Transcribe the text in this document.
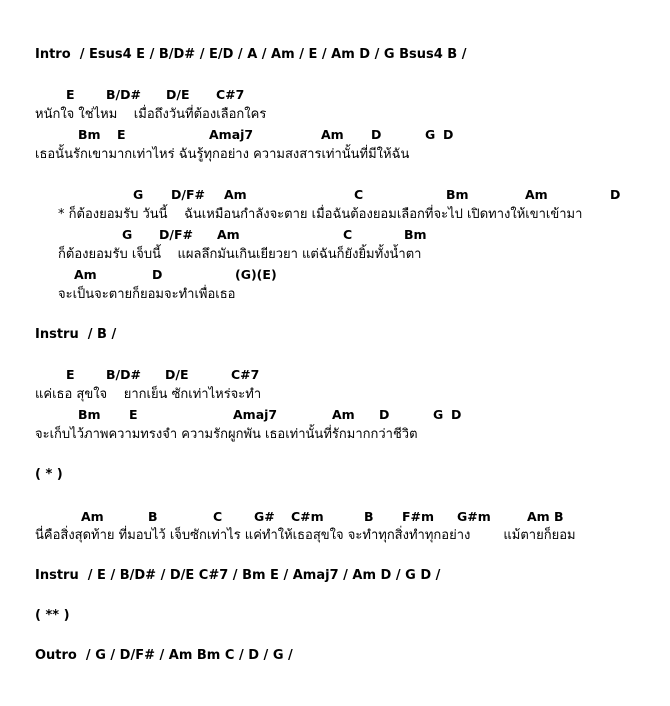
Intro  / Esus4 E / B/D# / E/D / A / Am / E / Am D / G Bsus4 B /

E

	B/D#

D/E

C#7

หนักใจ ใช่ไหม    เมื่อถึงวันที่ต้องเลือกใคร

Bm

E

	Amaj7

	Am

D

	G

D

เธอนั้นรักเขามากเท่าไหร่ ฉันรู้ทุกอย่าง ความสงสารเท่านั้นที่มีให้ฉัน

G

D/F#

Am

	C

	Bm

	Am

	D

* ก็ต้องยอมรับ วันนี้    ฉันเหมือนกำลังจะตาย เมื่อฉันต้องยอมเลือกที่จะไป เปิดทางให้เขาเข้ามา

G

D/F#

Am

	C

	Bm

ก็ต้องยอมรับ เจ็บนี้    แผลลึกมันเกินเยียวยา แต่ฉันก็ยังยิ้มทั้งน้ำตา

Am

	D

	(G)(E)

จะเป็นจะตายก็ยอมจะทำเพื่อเธอ
Instru  / B /

E

	B/D#

D/E

	C#7

แค่เธอ สุขใจ    ยากเย็น ซักเท่าไหร่จะทำ

Bm

E

	Amaj7

	Am

D

	G

D

จะเก็บไว้ภาพความทรงจำ ความรักผูกพัน เธอเท่านั้นที่รักมากกว่าชีวิต
( * )

Am

	B

	C

	G#

C#m

	B

F#m

G#m

	Am B

นี่คือสิ่งสุดท้าย ที่มอบไว้ เจ็บซักเท่าไร แค่ทำให้เธอสุขใจ จะทำทุกสิ่งทำทุกอย่าง        แม้ตายก็ยอม
Instru  / E / B/D# / D/E C#7 / Bm E / Amaj7 / Am D / G D /
( ** )
Outro  / G / D/F# / Am Bm C / D / G /
